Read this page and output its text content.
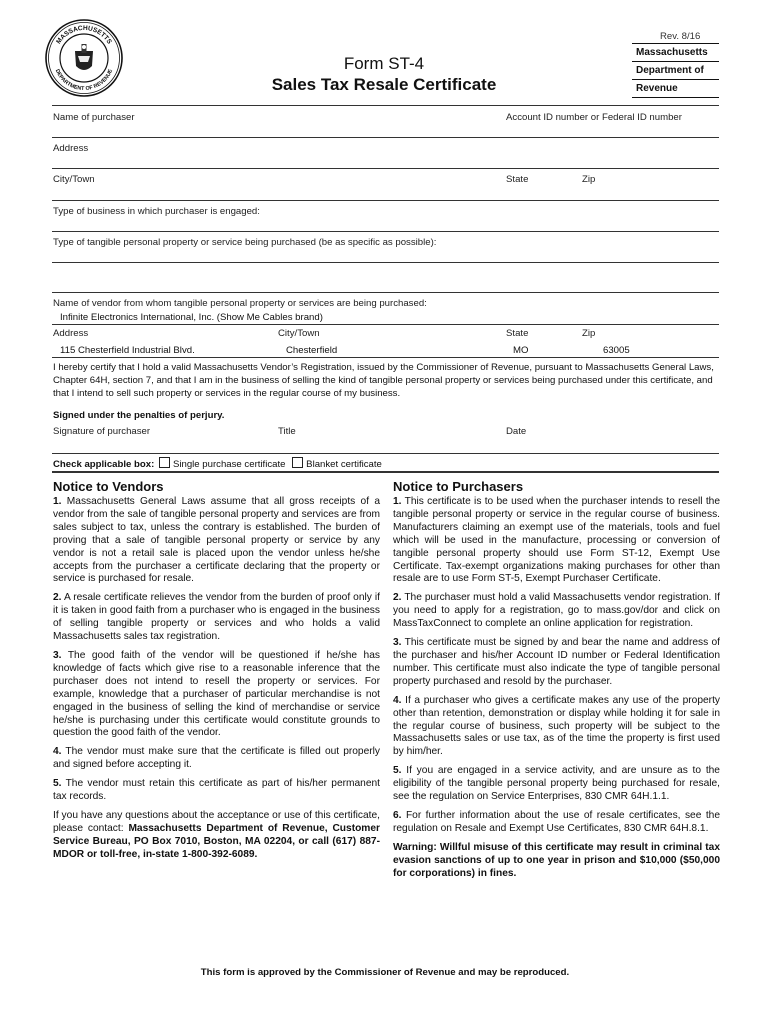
MASSACHUSETTS
DEPARTMENT OF REVENUE
Rev. 8/16
Form ST-4
Sales Tax Resale Certificate
Massachusetts
Department of
Revenue
Name of purchaser	Account ID number or Federal ID number
Address
City/Town	State	Zip
Type of business in which purchaser is engaged:
Type of tangible personal property or service being purchased (be as specific as possible):
Name of vendor from whom tangible personal property or services are being purchased:
Infinite Electronics International, Inc. (Show Me Cables brand)
Address	City/Town	State	Zip
115 Chesterfield Industrial Blvd.	Chesterfield	MO	63005
I hereby certify that I hold a valid Massachusetts Vendor’s Registration, issued by the Commissioner of Revenue, pursuant to Massachusetts General Laws, Chapter 64H, section 7, and that I am in the business of selling the kind of tangible personal property or services being purchased under this certificate, and that I intend to sell such property or services in the regular course of my business.
Signed under the penalties of perjury.
Signature of purchaser	Title	Date
Check applicable box: Single purchase certificate Blanket certificate
Notice to Vendors

1. Massachusetts General Laws assume that all gross receipts of a vendor from the sale of tangible personal property and services are from sales subject to tax, unless the contrary is established. The burden of proving that a sale of tangible personal property or service by any vendor is not a retail sale is placed upon the vendor unless he/she accepts from the purchaser a certificate declaring that the property or service is purchased for resale.

2. A resale certificate relieves the vendor from the burden of proof only if it is taken in good faith from a purchaser who is engaged in the business of selling tangible property or services and who holds a valid Massachusetts sales tax registration.

3. The good faith of the vendor will be questioned if he/she has knowledge of facts which give rise to a reasonable inference that the purchaser does not intend to resell the property or services. For example, knowledge that a purchaser of particular merchandise is not engaged in the business of selling the kind of merchandise or service he/she is purchasing under this certificate would constitute grounds to question the good faith of the vendor.

4. The vendor must make sure that the certificate is filled out properly and signed before accepting it.

5. The vendor must retain this certificate as part of his/her permanent tax records.

If you have any questions about the acceptance or use of this certificate, please contact: Massachusetts Department of Revenue, Customer Service Bureau, PO Box 7010, Boston, MA 02204, or call (617) 887-MDOR or toll-free, in-state 1-800-392-6089.

Notice to Purchasers

1. This certificate is to be used when the purchaser intends to resell the tangible personal property or service in the regular course of business. Manufacturers claiming an exempt use of the materials, tools and fuel which will be used in the manufacture, processing or conversion of tangible personal property should use Form ST-12, Exempt Use Certificate. Tax-exempt organizations making purchases for other than resale are to use Form ST-5, Exempt Purchaser Certificate.

2. The purchaser must hold a valid Massachusetts vendor registration. If you need to apply for a registration, go to mass.gov/dor and click on MassTaxConnect to complete an online application for registration.

3. This certificate must be signed by and bear the name and address of the purchaser and his/her Account ID number or Federal Identification number. This certificate must also indicate the type of tangible personal property purchased and resold by the purchaser.

4. If a purchaser who gives a certificate makes any use of the property other than retention, demonstration or display while holding it for sale in the regular course of business, such property will be subject to the Massachusetts sales or use tax, as of the time the property is first used by him/her.

5. If you are engaged in a service activity, and are unsure as to the eligibility of the tangible personal property being purchased for resale, see the regulation on Service Enterprises, 830 CMR 64H.1.1.

6. For further information about the use of resale certificates, see the regulation on Resale and Exempt Use Certificates, 830 CMR 64H.8.1.

Warning: Willful misuse of this certificate may result in criminal tax evasion sanctions of up to one year in prison and $10,000 ($50,000 for corporations) in fines.

This form is approved by the Commissioner of Revenue and may be reproduced.
